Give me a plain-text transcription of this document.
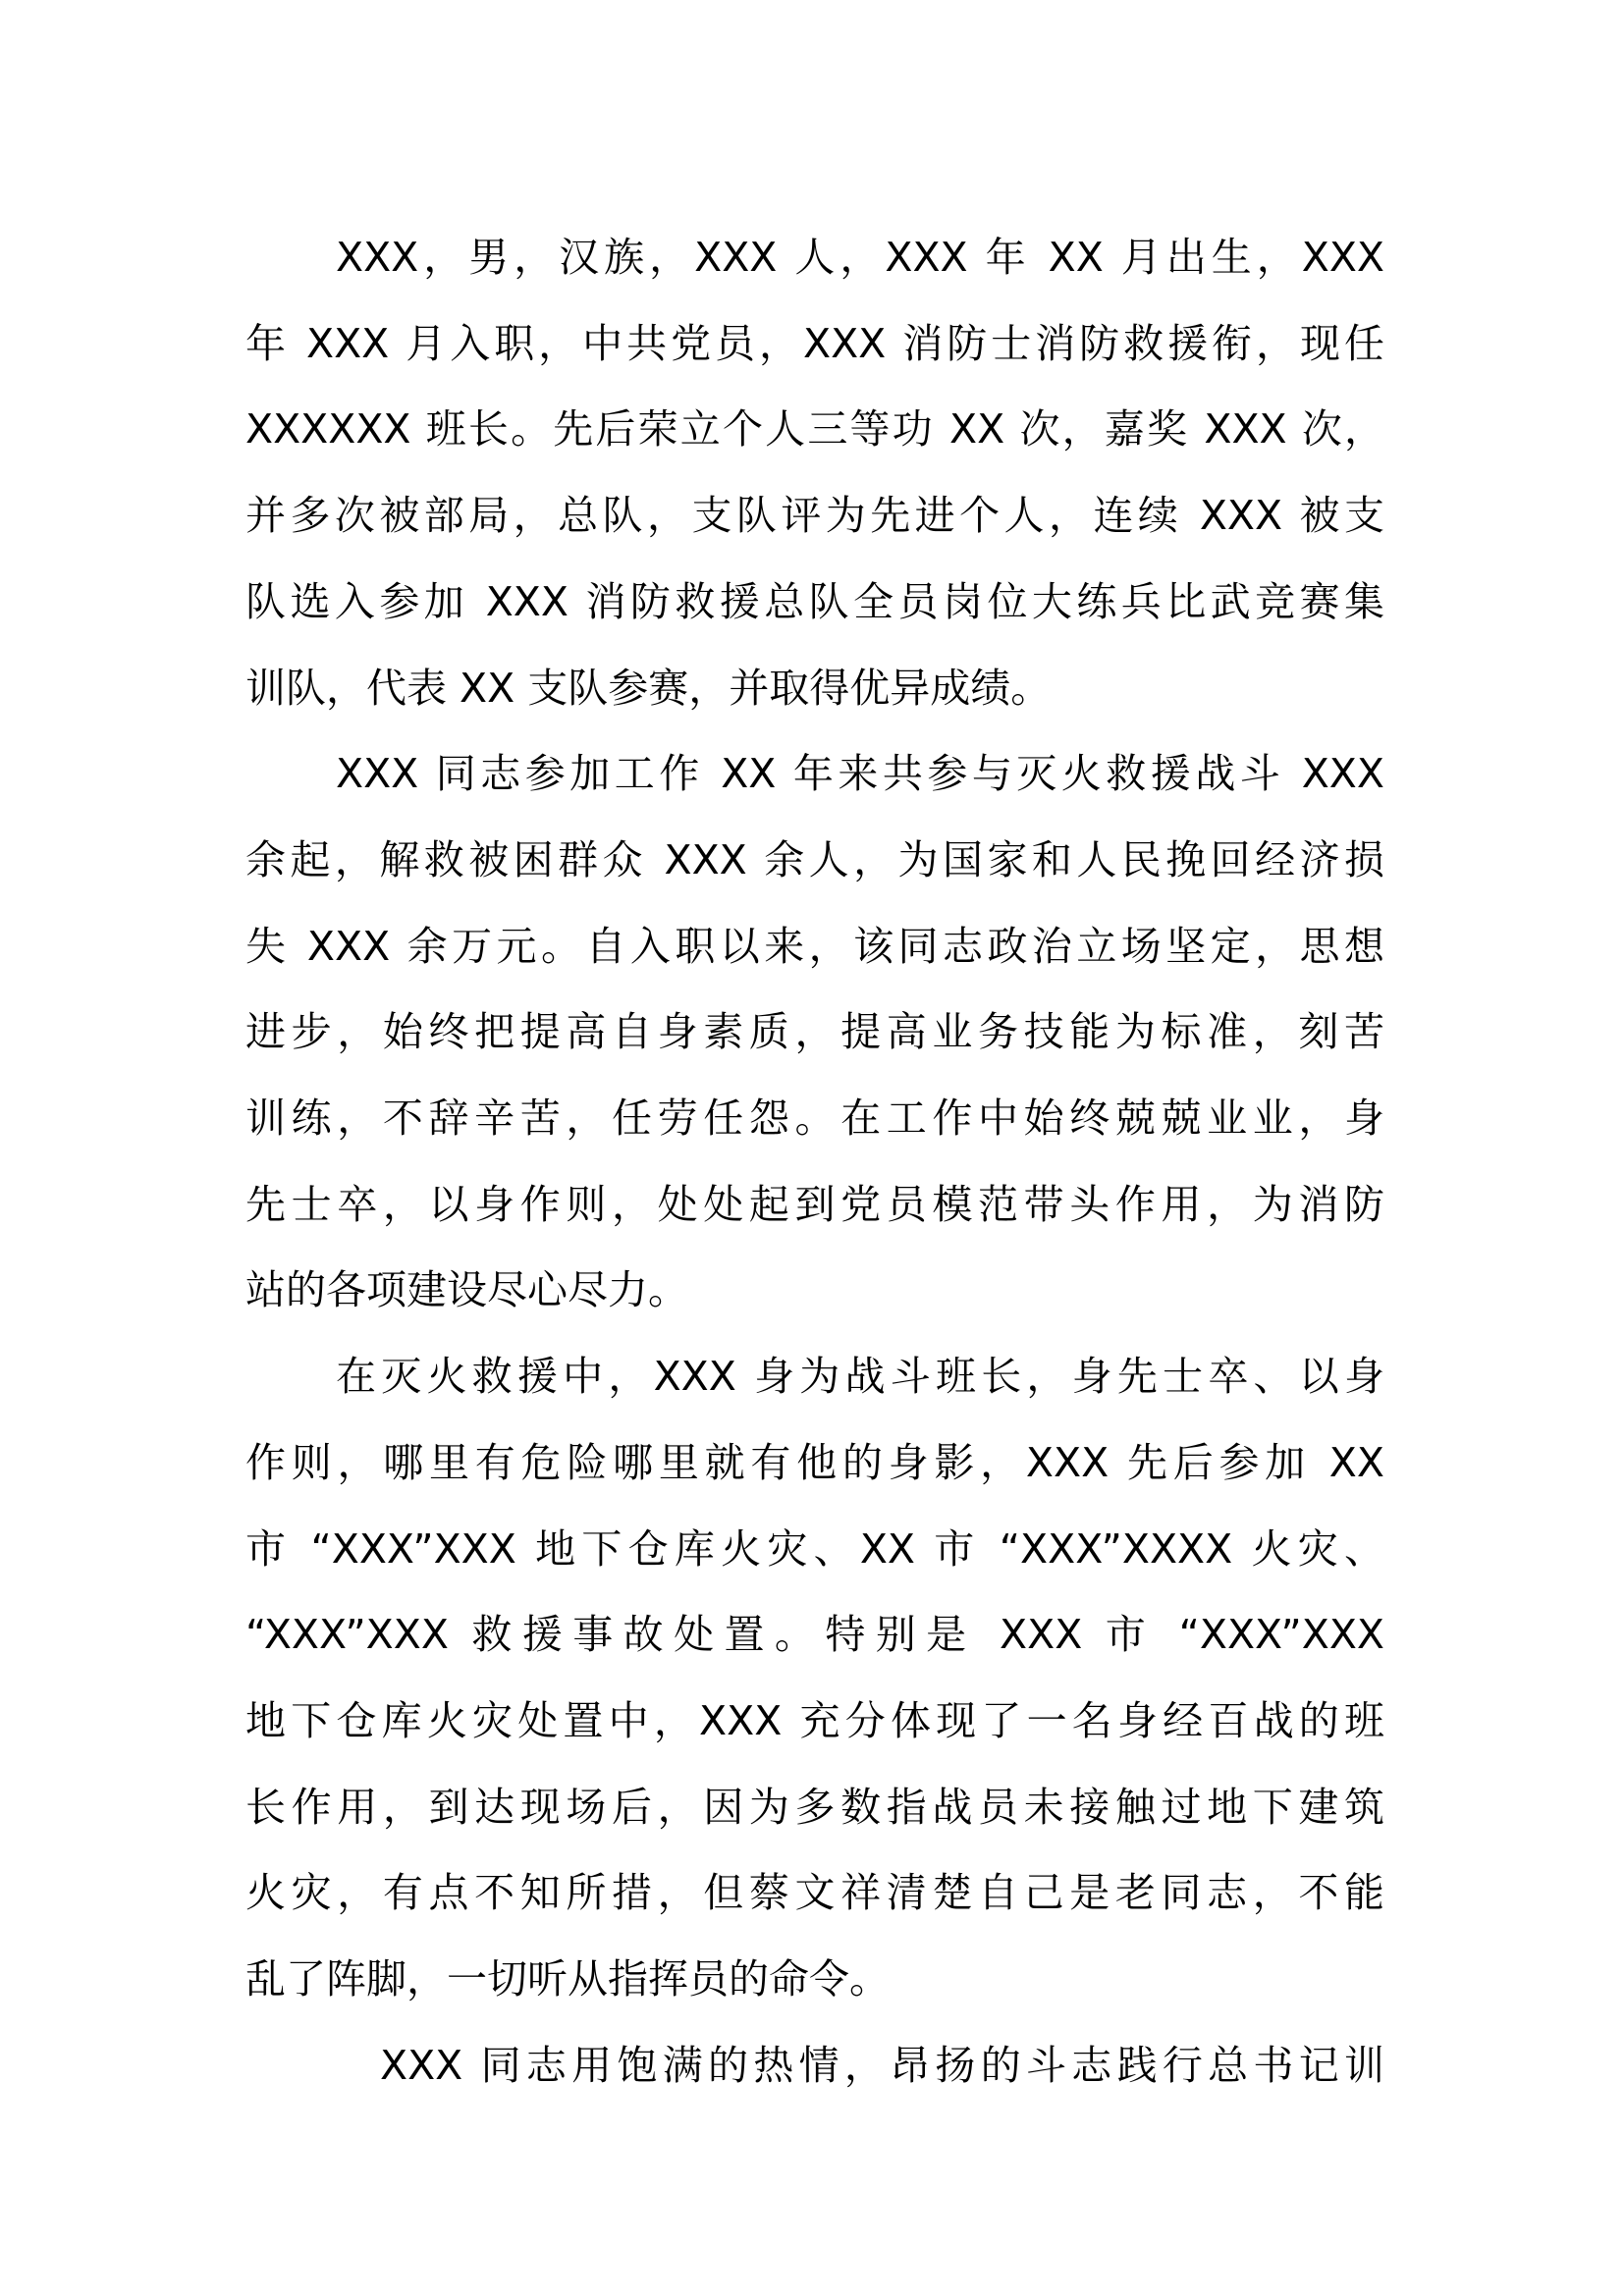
XXX，男，汉族，XXX 人，XXX 年 XX 月出生，XXX
年 XXX 月入职，中共党员，XXX 消防士消防救援衔，现任
XXXXXX 班长。先后荣立个人三等功 XX 次，嘉奖 XXX 次，
并多次被部局，总队，支队评为先进个人，连续 XXX 被支
队选入参加 XXX 消防救援总队全员岗位大练兵比武竞赛集
训队，代表 XX 支队参赛，并取得优异成绩。
XXX 同志参加工作 XX 年来共参与灭火救援战斗 XXX
余起，解救被困群众 XXX 余人，为国家和人民挽回经济损
失 XXX 余万元。自入职以来，该同志政治立场坚定，思想
进步，始终把提高自身素质，提高业务技能为标准，刻苦
训练，不辞辛苦，任劳任怨。在工作中始终兢兢业业，身
先士卒，以身作则，处处起到党员模范带头作用，为消防
站的各项建设尽心尽力。
在灭火救援中，XXX 身为战斗班长，身先士卒、以身
作则，哪里有危险哪里就有他的身影，XXX 先后参加 XX
市 “XXX”XXX 地下仓库火灾、XX 市 “XXX”XXXX 火灾、
“XXX”XXX 救援事故处置。特别是 XXX 市 “XXX”XXX
地下仓库火灾处置中，XXX 充分体现了一名身经百战的班
长作用，到达现场后，因为多数指战员未接触过地下建筑
火灾，有点不知所措，但蔡文祥清楚自己是老同志，不能
乱了阵脚，一切听从指挥员的命令。
XXX 同志用饱满的热情，昂扬的斗志践行总书记训
